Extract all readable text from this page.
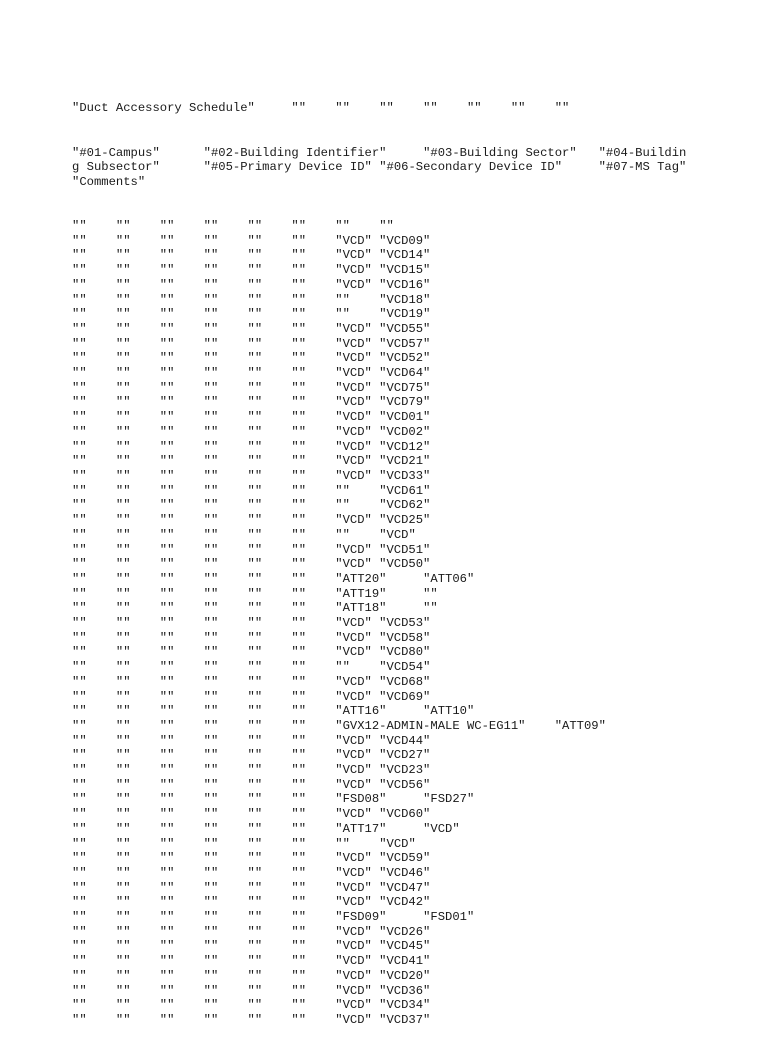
"Duct Accessory Schedule"	""	""	""	""	""	""	""

"#01-Campus"	"#02-Building Identifier"	"#03-Building Sector"	"#04-Building Subsector"	"#05-Primary Device ID"	"#06-Secondary Device ID"	"#07-MS Tag"	"Comments"

""	""	""	""	""	""	""	""
""	""	""	""	""	""	"VCD" "VCD09"
""	""	""	""	""	""	"VCD" "VCD14"
""	""	""	""	""	""	"VCD" "VCD15"
""	""	""	""	""	""	"VCD" "VCD16"
""	""	""	""	""	""	""	"VCD18"
""	""	""	""	""	""	""	"VCD19"
""	""	""	""	""	""	"VCD" "VCD55"
""	""	""	""	""	""	"VCD" "VCD57"
""	""	""	""	""	""	"VCD" "VCD52"
""	""	""	""	""	""	"VCD" "VCD64"
""	""	""	""	""	""	"VCD" "VCD75"
""	""	""	""	""	""	"VCD" "VCD79"
""	""	""	""	""	""	"VCD" "VCD01"
""	""	""	""	""	""	"VCD" "VCD02"
""	""	""	""	""	""	"VCD" "VCD12"
""	""	""	""	""	""	"VCD" "VCD21"
""	""	""	""	""	""	"VCD" "VCD33"
""	""	""	""	""	""	""	"VCD61"
""	""	""	""	""	""	""	"VCD62"
""	""	""	""	""	""	"VCD" "VCD25"
""	""	""	""	""	""	""	"VCD"
""	""	""	""	""	""	"VCD" "VCD51"
""	""	""	""	""	""	"VCD" "VCD50"
""	""	""	""	""	""	"ATT20"	"ATT06"
""	""	""	""	""	""	"ATT19"	""
""	""	""	""	""	""	"ATT18"	""
""	""	""	""	""	""	"VCD" "VCD53"
""	""	""	""	""	""	"VCD" "VCD58"
""	""	""	""	""	""	"VCD" "VCD80"
""	""	""	""	""	""	""	"VCD54"
""	""	""	""	""	""	"VCD" "VCD68"
""	""	""	""	""	""	"VCD" "VCD69"
""	""	""	""	""	""	"ATT16"	"ATT10"
""	""	""	""	""	""	"GVX12-ADMIN-MALE WC-EG11"	"ATT09"
""	""	""	""	""	""	"VCD" "VCD44"
""	""	""	""	""	""	"VCD" "VCD27"
""	""	""	""	""	""	"VCD" "VCD23"
""	""	""	""	""	""	"VCD" "VCD56"
""	""	""	""	""	""	"FSD08"	"FSD27"
""	""	""	""	""	""	"VCD" "VCD60"
""	""	""	""	""	""	"ATT17"	"VCD"
""	""	""	""	""	""	""	"VCD"
""	""	""	""	""	""	"VCD" "VCD59"
""	""	""	""	""	""	"VCD" "VCD46"
""	""	""	""	""	""	"VCD" "VCD47"
""	""	""	""	""	""	"VCD" "VCD42"
""	""	""	""	""	""	"FSD09"	"FSD01"
""	""	""	""	""	""	"VCD" "VCD26"
""	""	""	""	""	""	"VCD" "VCD45"
""	""	""	""	""	""	"VCD" "VCD41"
""	""	""	""	""	""	"VCD" "VCD20"
""	""	""	""	""	""	"VCD" "VCD36"
""	""	""	""	""	""	"VCD" "VCD34"
""	""	""	""	""	""	"VCD" "VCD37"
